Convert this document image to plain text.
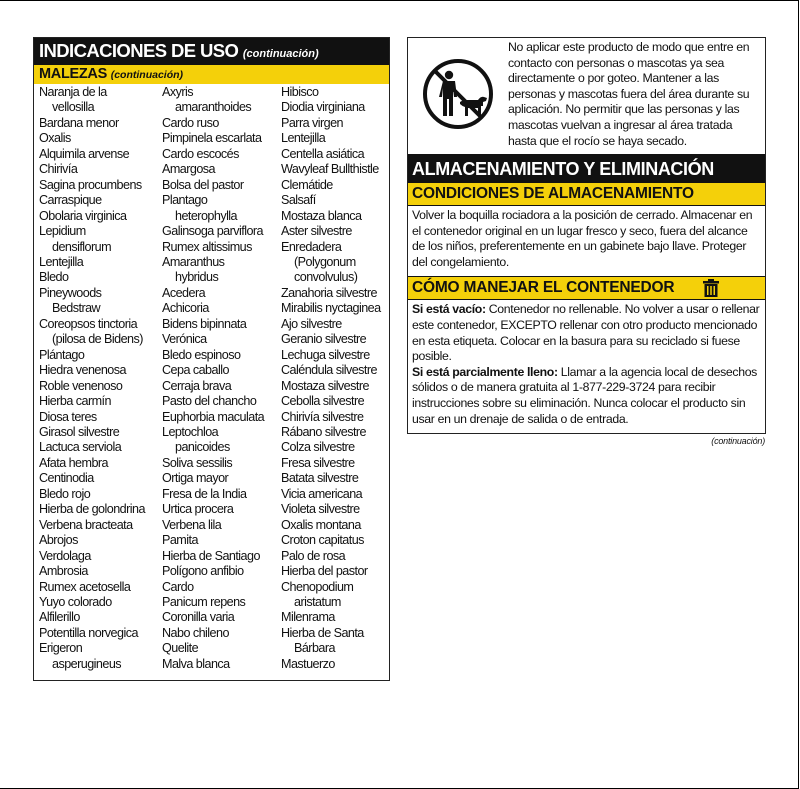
INDICACIONES DE USO (continuación)
MALEZAS (continuación)
Naranja de la
vellosilla
Bardana menor
Oxalis
Alquimila arvense
Chirivía
Sagina procumbens
Carraspique
Obolaria virginica
Lepidium
densiflorum
Lentejilla
Bledo
Pineywoods
Bedstraw
Coreopsos tinctoria
(pilosa de Bidens)
Plántago
Hiedra venenosa
Roble venenoso
Hierba carmín
Diosa teres
Girasol silvestre
Lactuca serviola
Afata hembra
Centinodia
Bledo rojo
Hierba de golondrina
Verbena bracteata
Abrojos
Verdolaga
Ambrosia
Rumex acetosella
Yuyo colorado
Alfilerillo
Potentilla norvegica
Erigeron
asperugineus
Axyris
amaranthoides
Cardo ruso
Pimpinela escarlata
Cardo escocés
Amargosa
Bolsa del pastor
Plantago
heterophylla
Galinsoga parviflora
Rumex altissimus
Amaranthus
hybridus
Acedera
Achicoria
Bidens bipinnata
Verónica
Bledo espinoso
Cepa caballo
Cerraja brava
Pasto del chancho
Euphorbia maculata
Leptochloa
panicoides
Soliva sessilis
Ortiga mayor
Fresa de la India
Urtica procera
Verbena lila
Pamita
Hierba de Santiago
Polígono anfibio
Cardo
Panicum repens
Coronilla varia
Nabo chileno
Quelite
Malva blanca
Hibisco
Diodia virginiana
Parra virgen
Lentejilla
Centella asiática
Wavyleaf Bullthistle
Clemátide
Salsafí
Mostaza blanca
Aster silvestre
Enredadera
(Polygonum
convolvulus)
Zanahoria silvestre
Mirabilis nyctaginea
Ajo silvestre
Geranio silvestre
Lechuga silvestre
Caléndula silvestre
Mostaza silvestre
Cebolla silvestre
Chirivía silvestre
Rábano silvestre
Colza silvestre
Fresa silvestre
Batata silvestre
Vicia americana
Violeta silvestre
Oxalis montana
Croton capitatus
Palo de rosa
Hierba del pastor
Chenopodium
aristatum
Milenrama
Hierba de Santa
Bárbara
Mastuerzo

No aplicar este producto de modo que entre en contacto con personas o mascotas ya sea directamente o por goteo. Mantener a las personas y mascotas fuera del área durante su aplicación. No permitir que las personas y las mascotas vuelvan a ingresar al área tratada hasta que el rocío se haya secado.

ALMACENAMIENTO Y ELIMINACIÓN
CONDICIONES DE ALMACENAMIENTO

Volver la boquilla rociadora a la posición de cerrado. Almacenar en el contenedor original en un lugar fresco y seco, fuera del alcance de los niños, preferentemente en un gabinete bajo llave. Proteger del congelamiento.

CÓMO MANEJAR EL CONTENEDOR

Si está vacío: Contenedor no rellenable. No volver a usar o rellenar este contenedor, EXCEPTO rellenar con otro producto mencionado en esta etiqueta. Colocar en la basura para su reciclado si fuese posible.
Si está parcialmente lleno: Llamar a la agencia local de desechos sólidos o de manera gratuita al 1-877-229-3724 para recibir instrucciones sobre su eliminación. Nunca colocar el producto sin usar en un drenaje de salida o de entrada.

(continuación)
